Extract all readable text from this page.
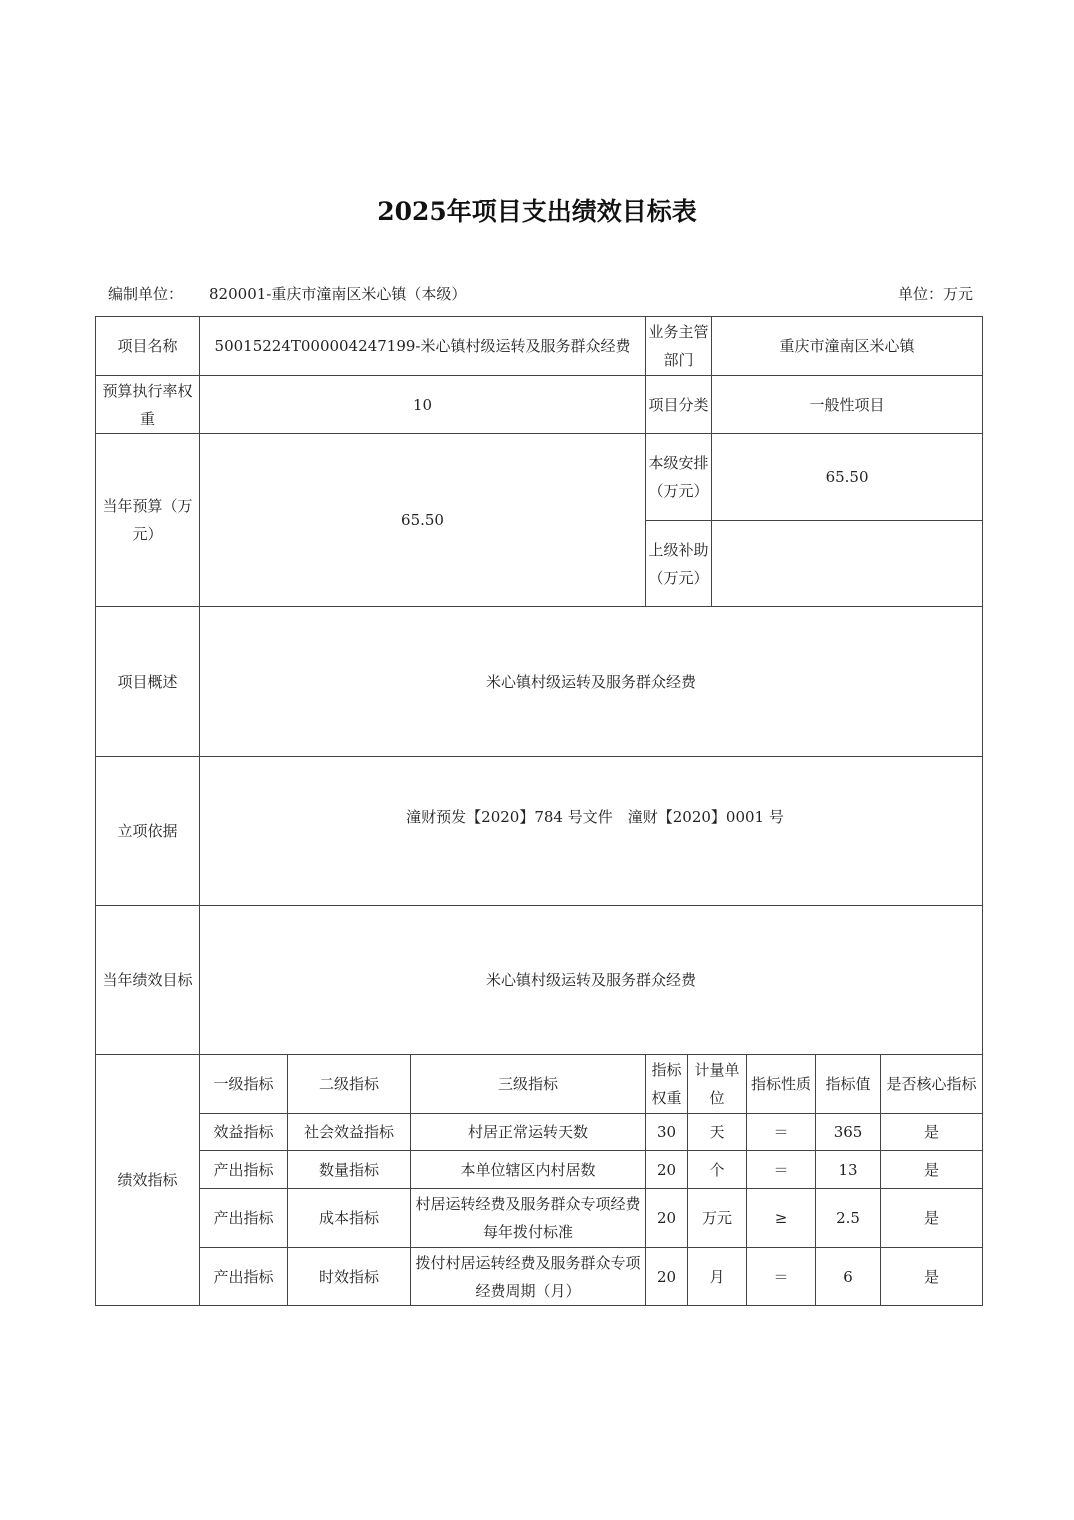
2025年项目支出绩效目标表
编制单位： 820001-重庆市潼南区米心镇（本级）	单位：万元
项目名称	50015224T000004247199-米心镇村级运转及服务群众经费			业务主管部门		重庆市潼南区米心镇			
预算执行率权重	10			项目分类		一般性项目			
当年预算（万元）	65.50			本级安排（万元）		65.50			
				上级补助（万元）					
项目概述	米心镇村级运转及服务群众经费								
立项依据	潼财预发【2020】784 号文件　潼财【2020】0001 号								

当年绩效目标	米心镇村级运转及服务群众经费								
绩效指标	一级指标	二级指标	三级指标	指标权重	计量单位		指标性质	指标值	是否核心指标
	效益指标	社会效益指标	村居正常运转天数	30	天		＝	365	是
	产出指标	数量指标	本单位辖区内村居数	20	个		＝	13	是
	产出指标	成本指标	村居运转经费及服务群众专项经费每年拨付标准	20	万元		≥	2.5	是
	产出指标	时效指标	拨付村居运转经费及服务群众专项经费周期（月）	20	月		＝	6	是
